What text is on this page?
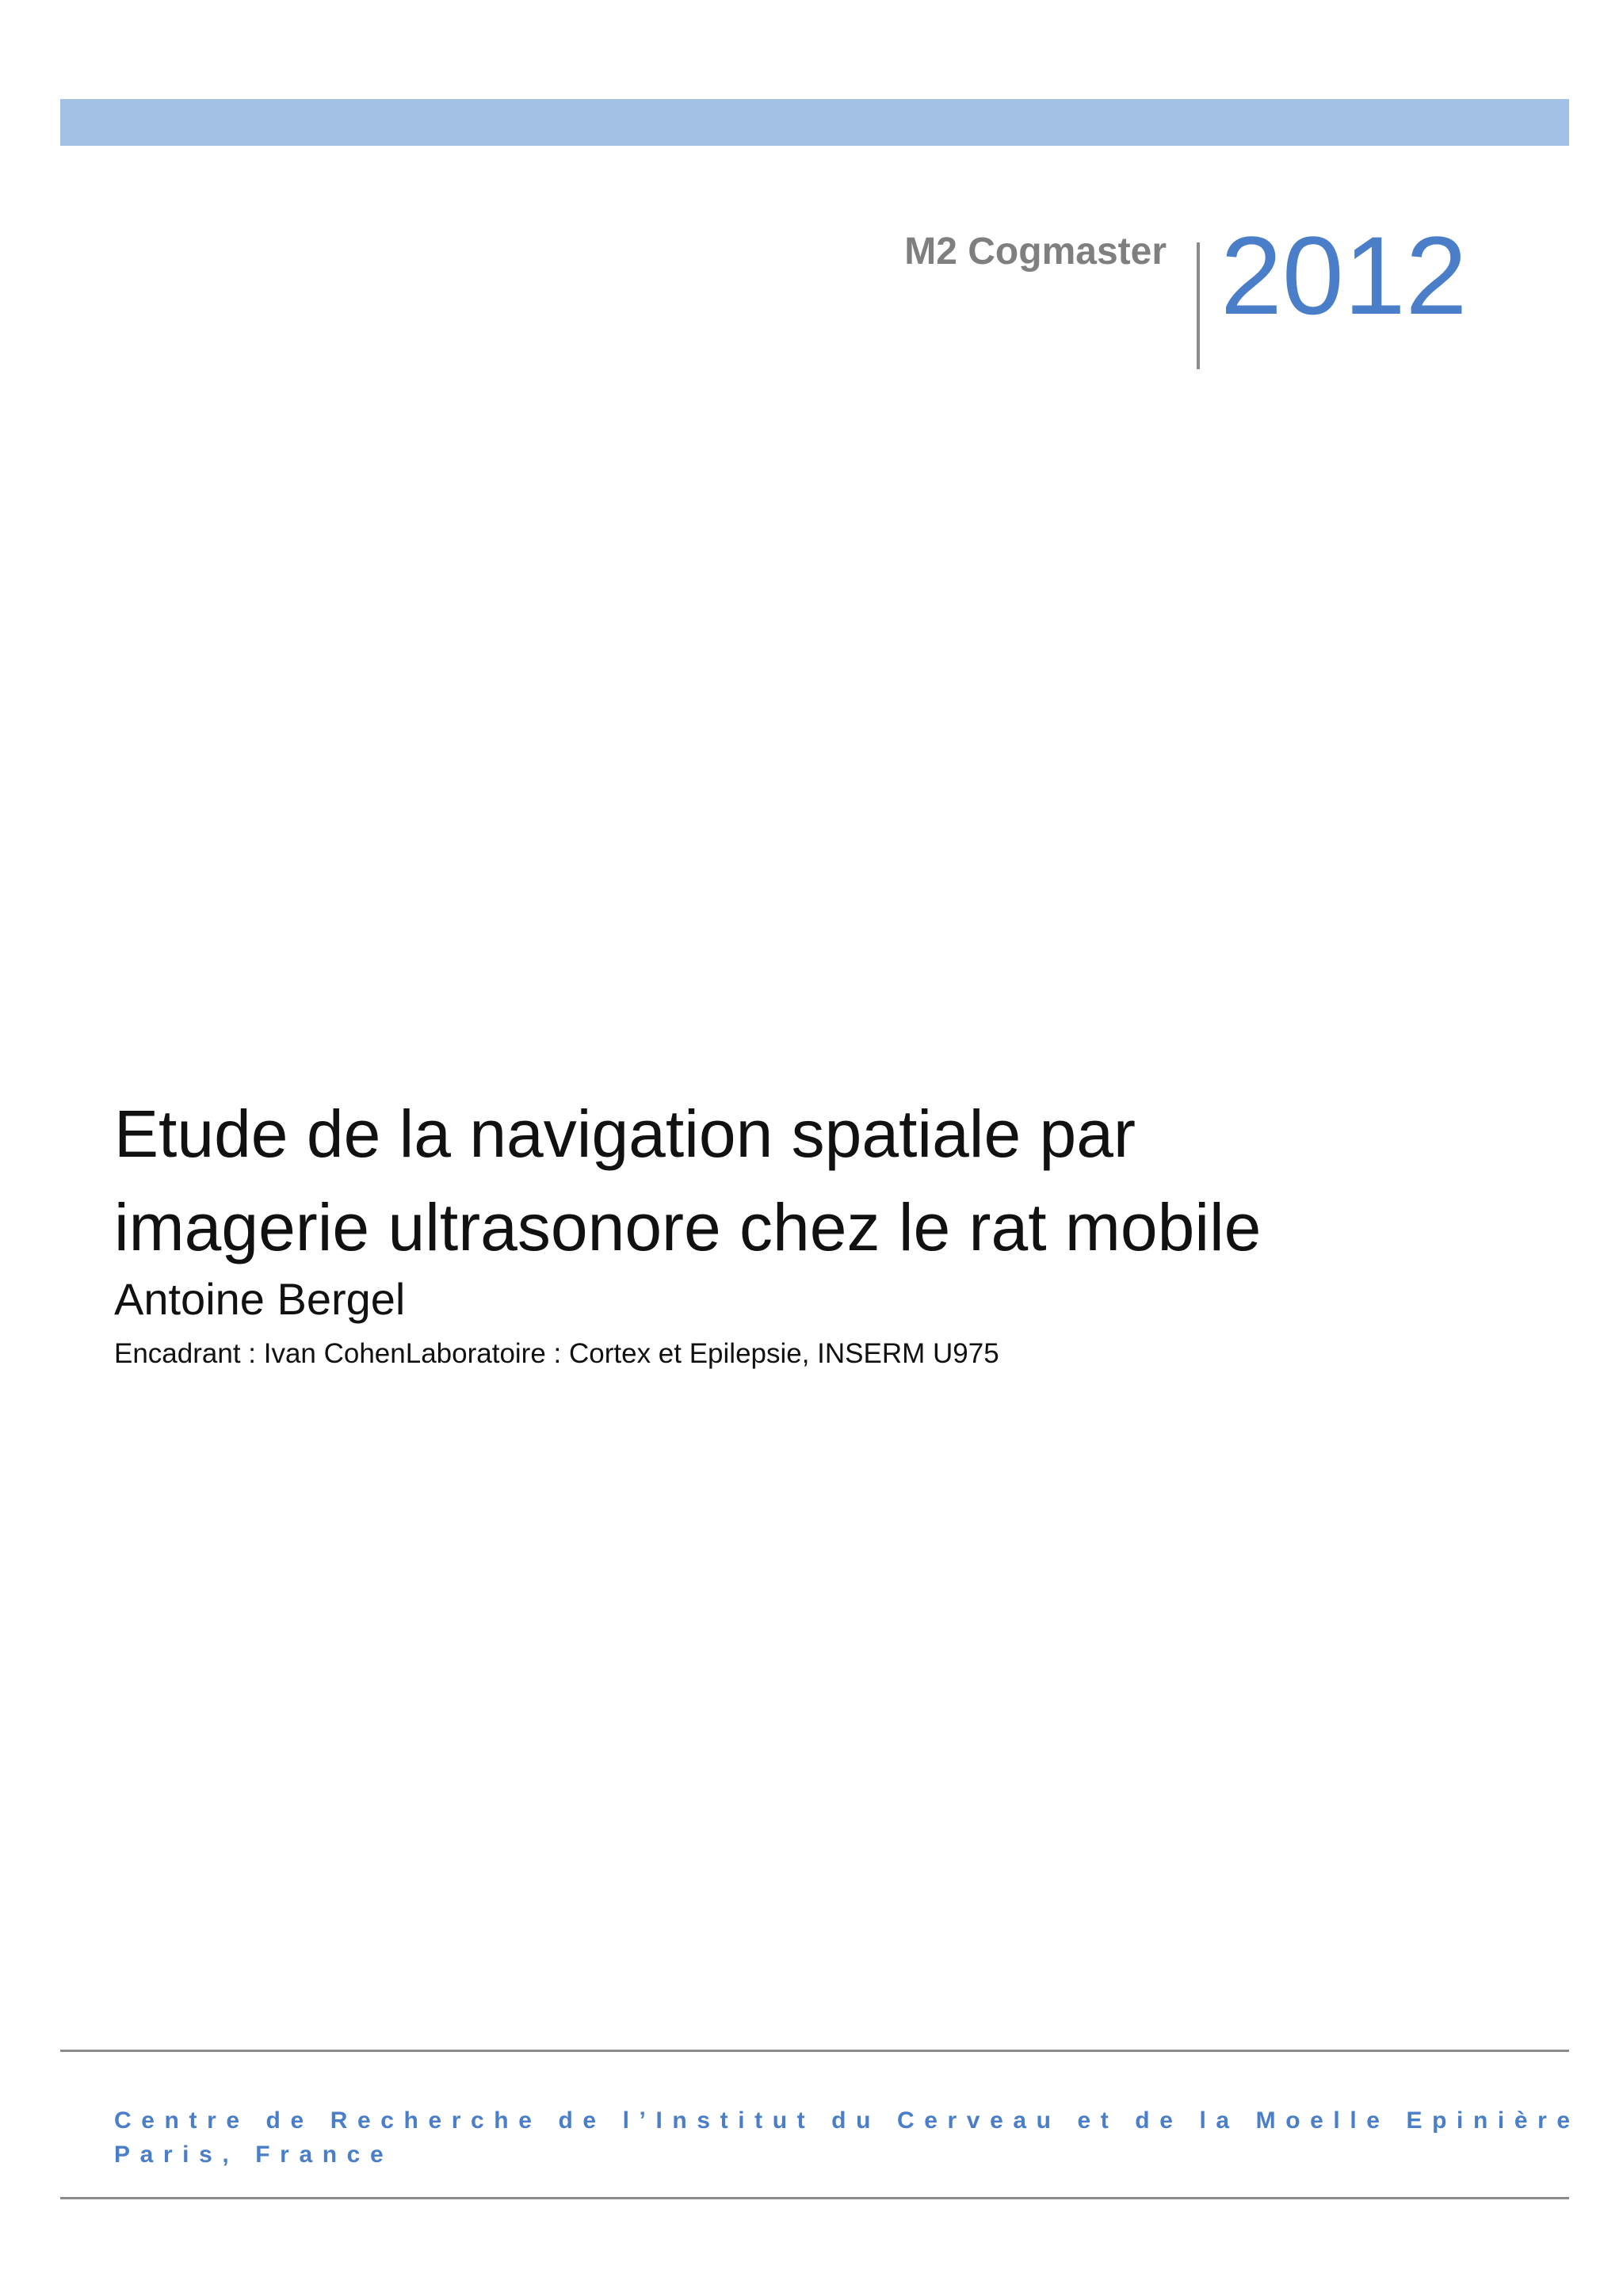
M2 Cogmaster 2012
Etude de la navigation spatiale par
imagerie ultrasonore chez le rat mobile
Antoine Bergel
Encadrant : Ivan CohenLaboratoire : Cortex et Epilepsie, INSERM U975
Centre de Recherche de l’Institut du Cerveau et de la Moelle Epinière
Paris, France
